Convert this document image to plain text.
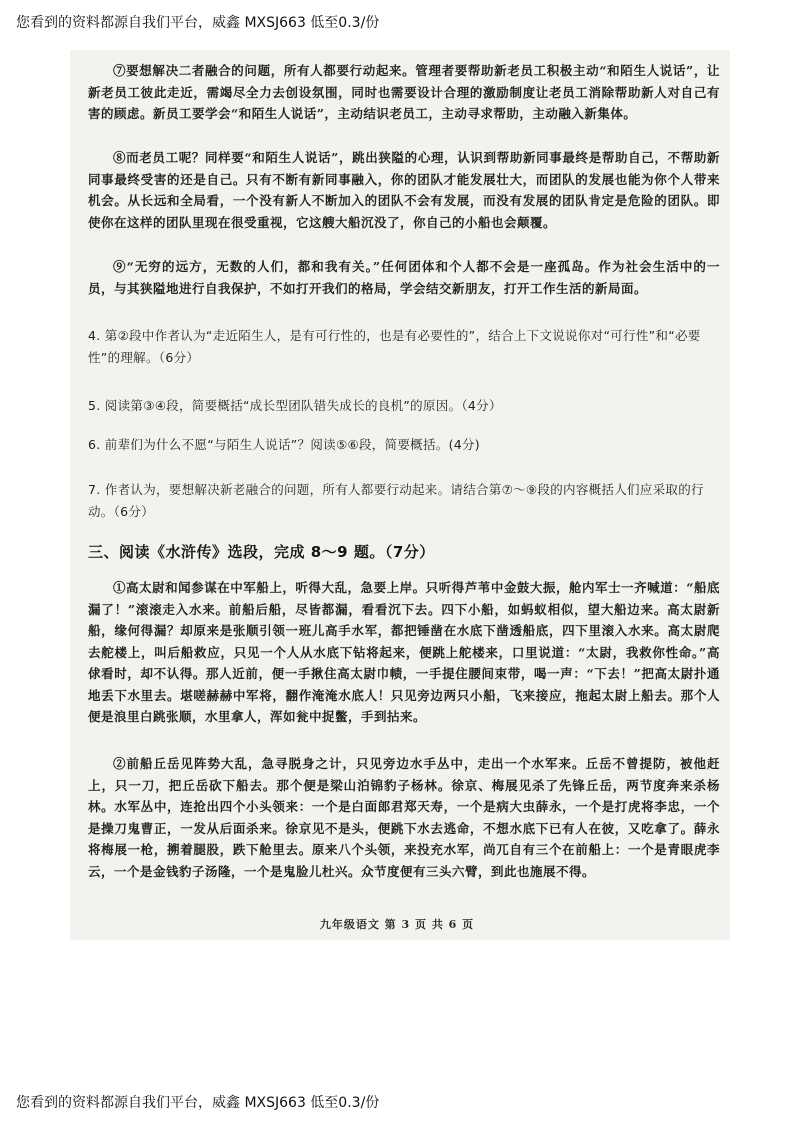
您看到的资料都源自我们平台，威鑫 MXSJ663 低至0.3/份
⑦要想解决二者融合的问题，所有人都要行动起来。管理者要帮助新老员工积极主动“和陌生人说话”，让新老员工彼此走近，需竭尽全力去创设氛围，同时也需要设计合理的激励制度让老员工消除帮助新人对自己有害的顾虑。新员工要学会“和陌生人说话”，主动结识老员工，主动寻求帮助，主动融入新集体。
⑧而老员工呢？同样要“和陌生人说话”，跳出狭隘的心理，认识到帮助新同事最终是帮助自己，不帮助新同事最终受害的还是自己。只有不断有新同事融入，你的团队才能发展壮大，而团队的发展也能为你个人带来机会。从长远和全局看，一个没有新人不断加入的团队不会有发展，而没有发展的团队肯定是危险的团队。即使你在这样的团队里现在很受重视，它这艘大船沉没了，你自己的小船也会颠覆。
⑨“无穷的远方，无数的人们，都和我有关。”任何团体和个人都不会是一座孤岛。作为社会生活中的一员，与其狭隘地进行自我保护，不如打开我们的格局，学会结交新朋友，打开工作生活的新局面。
4. 第②段中作者认为“走近陌生人，是有可行性的，也是有必要性的”，结合上下文说说你对“可行性”和“必要性”的理解。（6分）
5. 阅读第③④段，简要概括“成长型团队错失成长的良机”的原因。（4分）
6. 前辈们为什么不愿“与陌生人说话”？阅读⑤⑥段，简要概括。(4分)
7. 作者认为，要想解决新老融合的问题，所有人都要行动起来。请结合第⑦～⑨段的内容概括人们应采取的行动。（6分）
三、阅读《水浒传》选段，完成 8～9 题。（7分）
①高太尉和闻参谋在中军船上，听得大乱，急要上岸。只听得芦苇中金鼓大振，舱内军士一齐喊道：“船底漏了！”滚滚走入水来。前船后船，尽皆都漏，看看沉下去。四下小船，如蚂蚁相似，望大船边来。高太尉新船，缘何得漏？却原来是张顺引领一班儿高手水军，都把锤凿在水底下凿透船底，四下里滚入水来。高太尉爬去舵楼上，叫后船救应，只见一个人从水底下钻将起来，便跳上舵楼来，口里说道：“太尉，我救你性命。”高俅看时，却不认得。那人近前，便一手揪住高太尉巾帻，一手提住腰间束带，喝一声：“下去！”把高太尉扑通地丢下水里去。堪嗟赫赫中军将，翻作淹淹水底人！只见旁边两只小船，飞来接应，拖起太尉上船去。那个人便是浪里白跳张顺，水里拿人，浑如瓮中捉鳖，手到拈来。
②前船丘岳见阵势大乱，急寻脱身之计，只见旁边水手丛中，走出一个水军来。丘岳不曾提防，被他赶上，只一刀，把丘岳砍下船去。那个便是梁山泊锦豹子杨林。徐京、梅展见杀了先锋丘岳，两节度奔来杀杨林。水军丛中，连抢出四个小头领来：一个是白面郎君郑天寿，一个是病大虫薛永，一个是打虎将李忠，一个是操刀鬼曹正，一发从后面杀来。徐京见不是头，便跳下水去逃命，不想水底下已有人在彼，又吃拿了。薛永将梅展一枪，搠着腿股，跌下舱里去。原来八个头领，来投充水军，尚兀自有三个在前船上：一个是青眼虎李云，一个是金钱豹子汤隆，一个是鬼脸儿杜兴。众节度便有三头六臂，到此也施展不得。
九年级语文 第 3 页 共 6 页
您看到的资料都源自我们平台，威鑫 MXSJ663 低至0.3/份
